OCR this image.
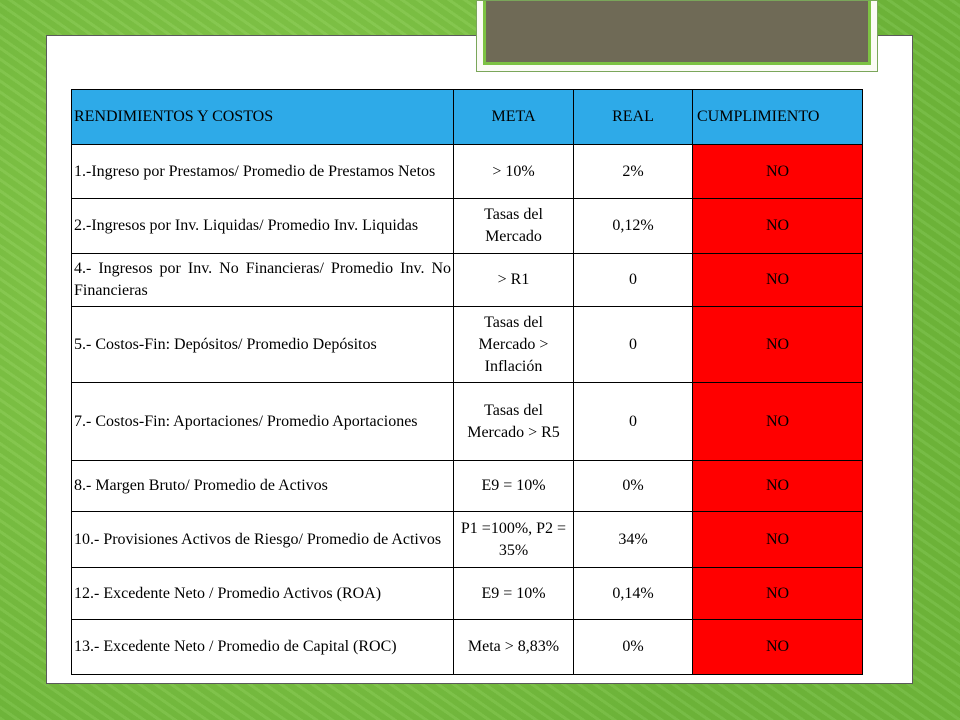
RENDIMIENTOS Y COSTOS	META	REAL	CUMPLIMIENTO
1.-Ingreso por Prestamos/ Promedio de Prestamos Netos	> 10%	2%	NO
2.-Ingresos por Inv. Liquidas/ Promedio Inv. Liquidas	Tasas del Mercado	0,12%	NO
4.- Ingresos por Inv. No Financieras/ Promedio Inv. No Financieras	> R1	0	NO
5.- Costos-Fin: Depósitos/ Promedio Depósitos	Tasas del Mercado > Inflación	0	NO
7.- Costos-Fin: Aportaciones/ Promedio Aportaciones	Tasas del Mercado > R5	0	NO
8.- Margen Bruto/ Promedio de Activos	E9 = 10%	0%	NO
10.- Provisiones Activos de Riesgo/ Promedio de Activos	P1 =100%, P2 = 35%	34%	NO
12.- Excedente Neto / Promedio Activos (ROA)	E9 = 10%	0,14%	NO
13.- Excedente Neto / Promedio de Capital (ROC)	Meta > 8,83%	0%	NO
